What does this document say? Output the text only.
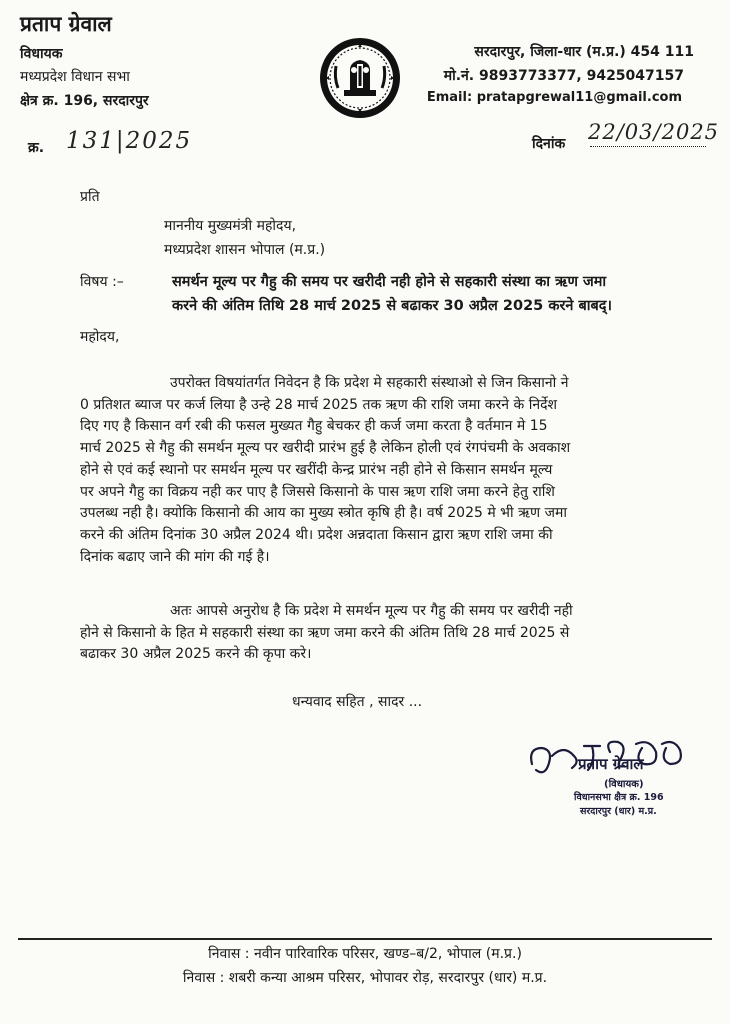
प्रताप ग्रेवाल
विधायक
मध्यप्रदेश विधान सभा
क्षेत्र क्र. 196, सरदारपुर
सरदारपुर, जिला-धार (म.प्र.) 454 111
मो.नं. 9893773377, 9425047157
Email: pratapgrewal11@gmail.com
क्र. 131|2025	दिनांक 22/03/2025
प्रति
माननीय मुख्यमंत्री महोदय,
मध्यप्रदेश शासन भोपाल (म.प्र.)
विषय :–	समर्थन मूल्य पर गैहु की समय पर खरीदी नही होने से सहकारी संस्था का ऋण जमा
करने की अंतिम तिथि 28 मार्च 2025 से बढाकर 30 अप्रैल 2025 करने बाबद्।
महोदय,
उपरोक्त विषयांतर्गत निवेदन है कि प्रदेश मे सहकारी संस्थाओ से जिन किसानो ने
0 प्रतिशत ब्याज पर कर्ज लिया है उन्हे 28 मार्च 2025 तक ऋण की राशि जमा करने के निर्देश
दिए गए है किसान वर्ग रबी की फसल मुख्यत गैहु बेचकर ही कर्ज जमा करता है वर्तमान मे 15
मार्च 2025 से गैहु की समर्थन मूल्य पर खरीदी प्रारंभ हुई है लेकिन होली एवं रंगपंचमी के अवकाश
होने से एवं कई स्थानो पर समर्थन मूल्य पर खरींदी केन्द्र प्रारंभ नही होने से किसान समर्थन मूल्य
पर अपने गैहु का विक्रय नही कर पाए है जिससे किसानो के पास ऋण राशि जमा करने हेतु राशि
उपलब्ध नही है। क्योकि किसानो की आय का मुख्य स्त्रोत कृषि ही है। वर्ष 2025 मे भी ऋण जमा
करने की अंतिम दिनांक 30 अप्रैल 2024 थी। प्रदेश अन्नदाता किसान द्वारा ऋण राशि जमा की
दिनांक बढाए जाने की मांग की गई है।
अतः आपसे अनुरोध है कि प्रदेश मे समर्थन मूल्य पर गैहु की समय पर खरीदी नही
होने से किसानो के हित मे सहकारी संस्था का ऋण जमा करने की अंतिम तिथि 28 मार्च 2025 से
बढाकर 30 अप्रैल 2025 करने की कृपा करे।
धन्यवाद सहित , सादर ...
प्रताप ग्रेवाल
(विधायक)
विधानसभा क्षैत्र क्र. 196
सरदारपुर (धार) म.प्र.
निवास : नवीन पारिवारिक परिसर, खण्ड–ब/2, भोपाल (म.प्र.)
निवास : शबरी कन्या आश्रम परिसर, भोपावर रोड़, सरदारपुर (धार) म.प्र.
